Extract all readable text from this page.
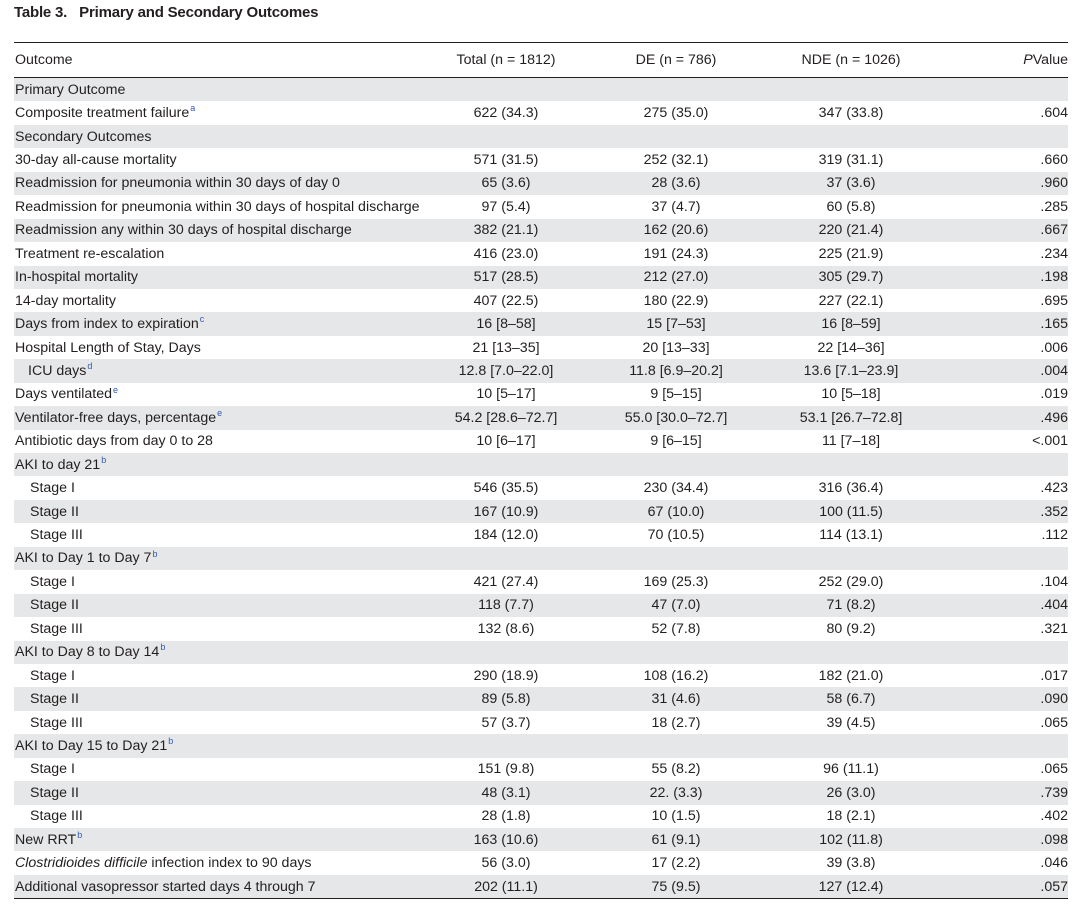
Table 3. Primary and Secondary Outcomes
Outcome	Total (n = 1812)	DE (n = 786)	NDE (n = 1026)	PValue
Primary Outcome				
Composite treatment failure$^a$	622 (34.3)	275 (35.0)	347 (33.8)	.604
Secondary Outcomes				
30-day all-cause mortality	571 (31.5)	252 (32.1)	319 (31.1)	.660
Readmission for pneumonia within 30 days of day 0	65 (3.6)	28 (3.6)	37 (3.6)	.960
Readmission for pneumonia within 30 days of hospital discharge	97 (5.4)	37 (4.7)	60 (5.8)	.285
Readmission any within 30 days of hospital discharge	382 (21.1)	162 (20.6)	220 (21.4)	.667
Treatment re-escalation	416 (23.0)	191 (24.3)	225 (21.9)	.234
In-hospital mortality	517 (28.5)	212 (27.0)	305 (29.7)	.198
14-day mortality	407 (22.5)	180 (22.9)	227 (22.1)	.695
Days from index to expiration$^c$	16 [8–58]	15 [7–53]	16 [8–59]	.165
Hospital Length of Stay, Days	21 [13–35]	20 [13–33]	22 [14–36]	.006
ICU days$^d$	12.8 [7.0–22.0]	11.8 [6.9–20.2]	13.6 [7.1–23.9]	.004
Days ventilated$^e$	10 [5–17]	9 [5–15]	10 [5–18]	.019
Ventilator-free days, percentage$^e$	54.2 [28.6–72.7]	55.0 [30.0–72.7]	53.1 [26.7–72.8]	.496
Antibiotic days from day 0 to 28	10 [6–17]	9 [6–15]	11 [7–18]	<.001
AKI to day 21$^b$				
Stage I	546 (35.5)	230 (34.4)	316 (36.4)	.423
Stage II	167 (10.9)	67 (10.0)	100 (11.5)	.352
Stage III	184 (12.0)	70 (10.5)	114 (13.1)	.112
AKI to Day 1 to Day 7$^b$				
Stage I	421 (27.4)	169 (25.3)	252 (29.0)	.104
Stage II	118 (7.7)	47 (7.0)	71 (8.2)	.404
Stage III	132 (8.6)	52 (7.8)	80 (9.2)	.321
AKI to Day 8 to Day 14$^b$				
Stage I	290 (18.9)	108 (16.2)	182 (21.0)	.017
Stage II	89 (5.8)	31 (4.6)	58 (6.7)	.090
Stage III	57 (3.7)	18 (2.7)	39 (4.5)	.065
AKI to Day 15 to Day 21$^b$				
Stage I	151 (9.8)	55 (8.2)	96 (11.1)	.065
Stage II	48 (3.1)	22. (3.3)	26 (3.0)	.739
Stage III	28 (1.8)	10 (1.5)	18 (2.1)	.402
New RRT$^b$	163 (10.6)	61 (9.1)	102 (11.8)	.098
Clostridioides difficile infection index to 90 days	56 (3.0)	17 (2.2)	39 (3.8)	.046
Additional vasopressor started days 4 through 7	202 (11.1)	75 (9.5)	127 (12.4)	.057
